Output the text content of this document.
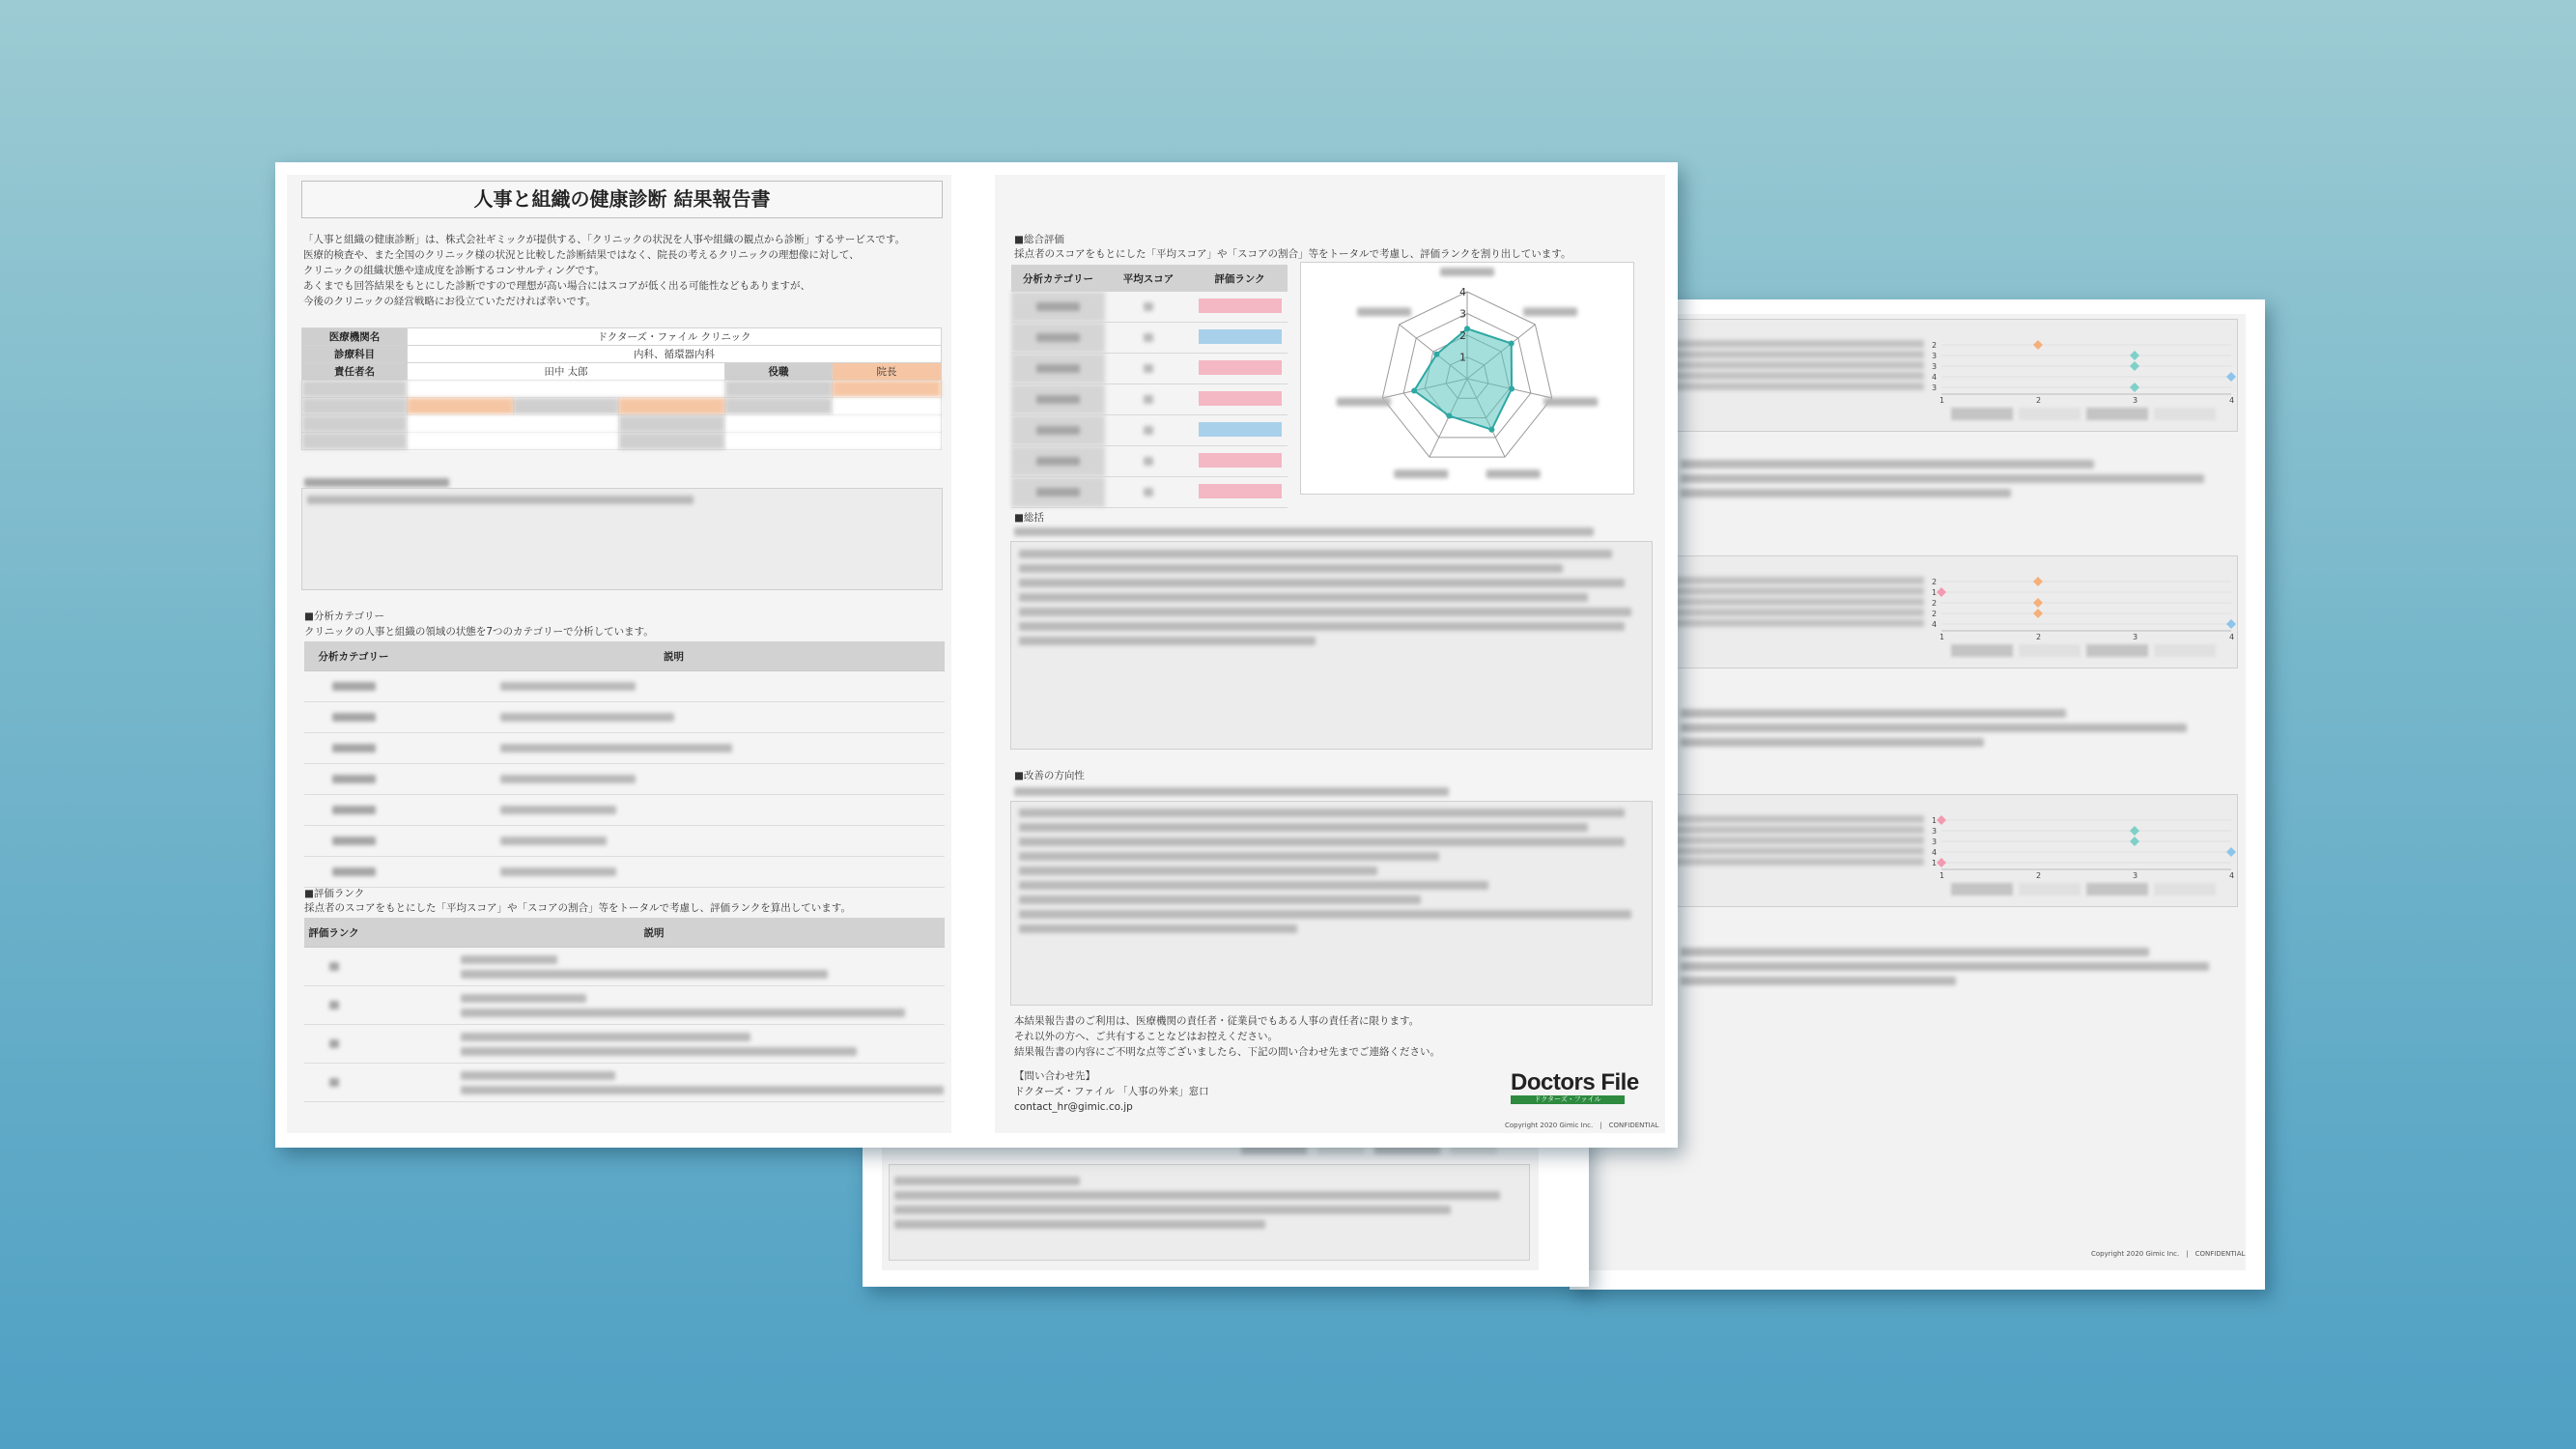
2
3
3
4
3
1	2	3	4
2
1
2
2
4
1	2	3	4
1
3
3
4
1
1	2	3	4
Copyright 2020 Gimic Inc.　|　CONFIDENTIAL

人事と組織の健康診断 結果報告書
「人事と組織の健康診断」は、株式会社ギミックが提供する、「クリニックの状況を人事や組織の観点から診断」するサービスです。
医療的検査や、また全国のクリニック様の状況と比較した診断結果ではなく、院長の考えるクリニックの理想像に対して、
クリニックの組織状態や達成度を診断するコンサルティングです。
あくまでも回答結果をもとにした診断ですので理想が高い場合にはスコアが低く出る可能性などもありますが、
今後のクリニックの経営戦略にお役立ていただければ幸いです。
医療機関名	ドクターズ・ファイル クリニック				
診療科目	内科、循環器内科				
責任者名	田中 太郎			役職	院長

■分析カテゴリー
クリニックの人事と組織の領域の状態を7つのカテゴリーで分析しています。
分析カテゴリー	説明

■評価ランク
採点者のスコアをもとにした「平均スコア」や「スコアの割合」等をトータルで考慮し、評価ランクを算出しています。
評価ランク	説明

■総合評価
採点者のスコアをもとにした「平均スコア」や「スコアの割合」等をトータルで考慮し、評価ランクを割り出しています。
分析カテゴリー	平均スコア	評価ランク

1
2
3
4
■総括
■改善の方向性
本結果報告書のご利用は、医療機関の責任者・従業員でもある人事の責任者に限ります。
それ以外の方へ、ご共有することなどはお控えください。
結果報告書の内容にご不明な点等ございましたら、下記の問い合わせ先までご連絡ください。
【問い合わせ先】
ドクターズ・ファイル 「人事の外来」窓口
contact_hr@gimic.co.jp
Doctors File
ドクターズ・ファイル
Copyright 2020 Gimic Inc.　|　CONFIDENTIAL
